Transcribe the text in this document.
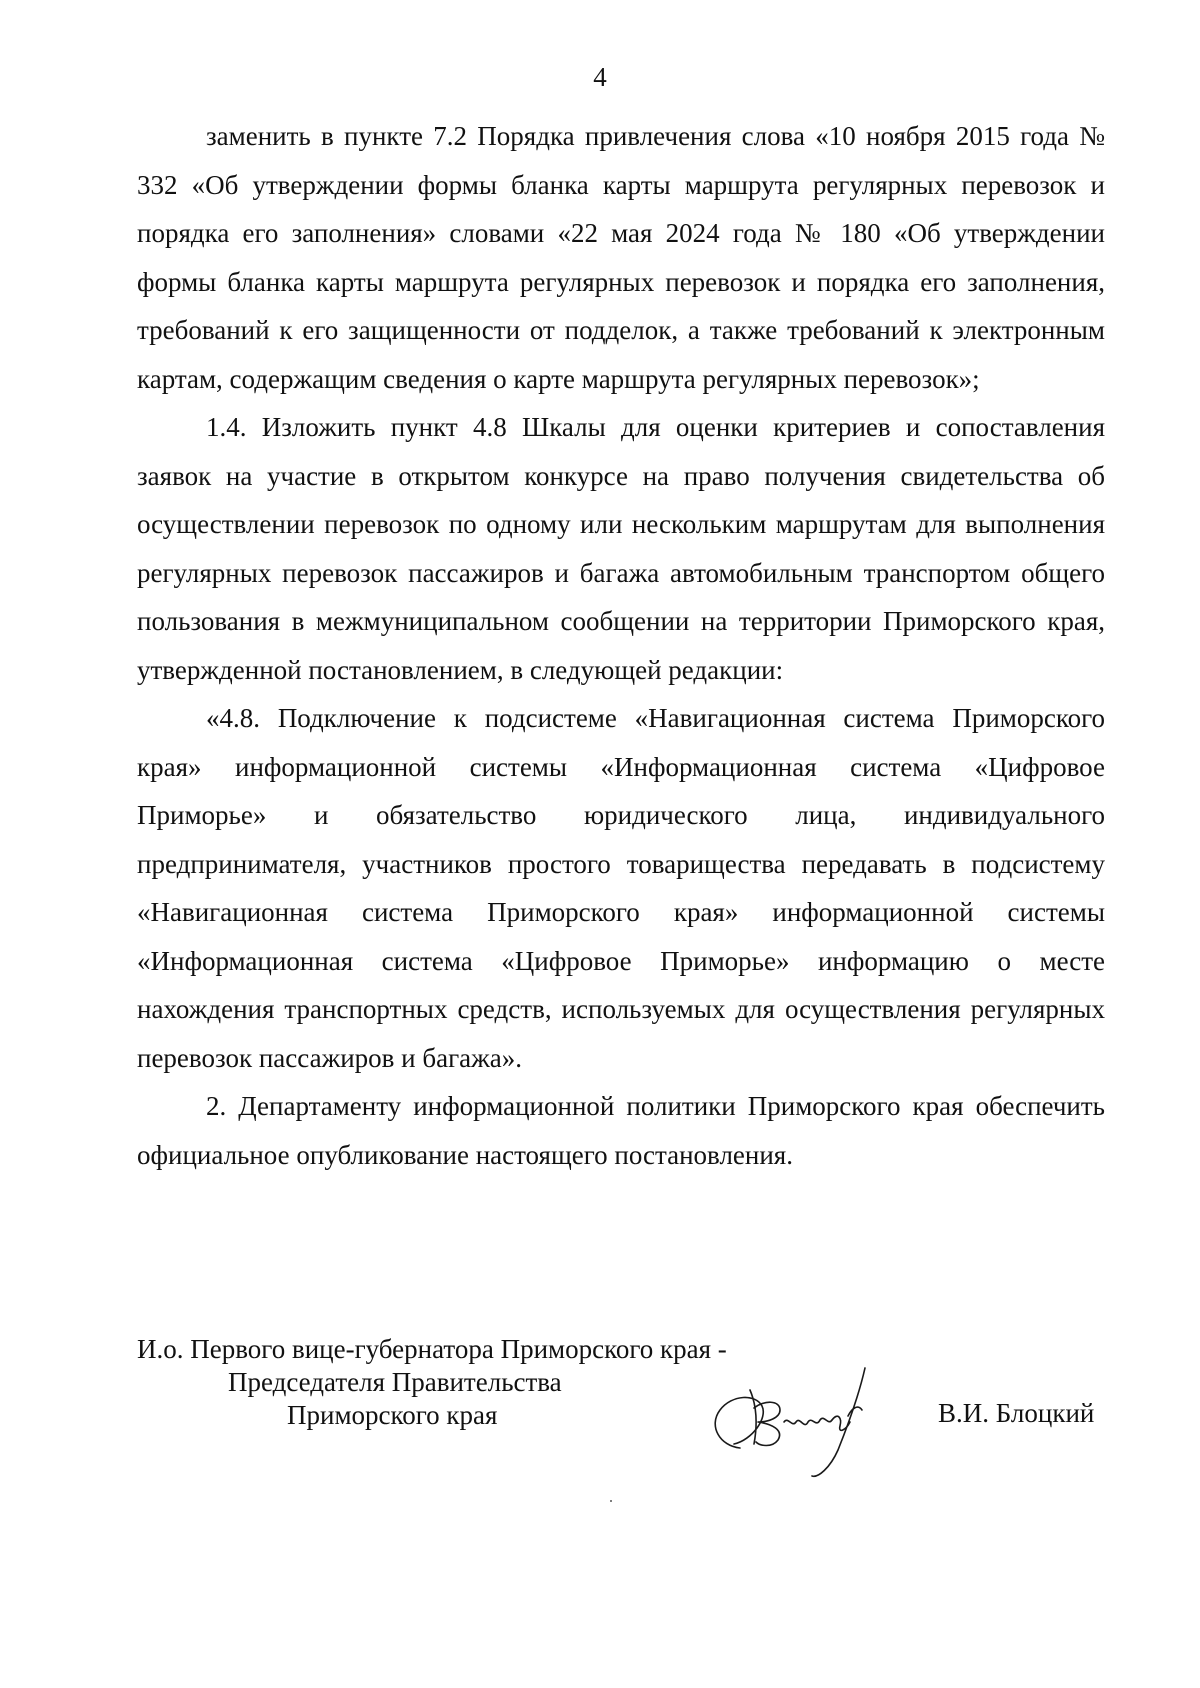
4

заменить в пункте 7.2 Порядка привлечения слова «10 ноября 2015 года № 332 «Об утверждении формы бланка карты маршрута регулярных перевозок и порядка его заполнения» словами «22 мая 2024 года № 180 «Об утверждении формы бланка карты маршрута регулярных перевозок и порядка его заполнения, требований к его защищенности от подделок, а также требований к электронным картам, содержащим сведения о карте маршрута регулярных перевозок»;

1.4. Изложить пункт 4.8 Шкалы для оценки критериев и сопоставления заявок на участие в открытом конкурсе на право получения свидетельства об осуществлении перевозок по одному или нескольким маршрутам для выполнения регулярных перевозок пассажиров и багажа автомобильным транспортом общего пользования в межмуниципальном сообщении на территории Приморского края, утвержденной постановлением, в следующей редакции:

«4.8. Подключение к подсистеме «Навигационная система Приморского края» информационной системы «Информационная система «Цифровое Приморье» и обязательство юридического лица, индивидуального предпринимателя, участников простого товарищества передавать в подсистему «Навигационная система Приморского края» информационной системы «Информационная система «Цифровое Приморье» информацию о месте нахождения транспортных средств, используемых для осуществления регулярных перевозок пассажиров и багажа».

2. Департаменту информационной политики Приморского края обеспечить официальное опубликование настоящего постановления.

И.о. Первого вице-губернатора Приморского края -
Председателя Правительства
Приморского края	В.И. Блоцкий
